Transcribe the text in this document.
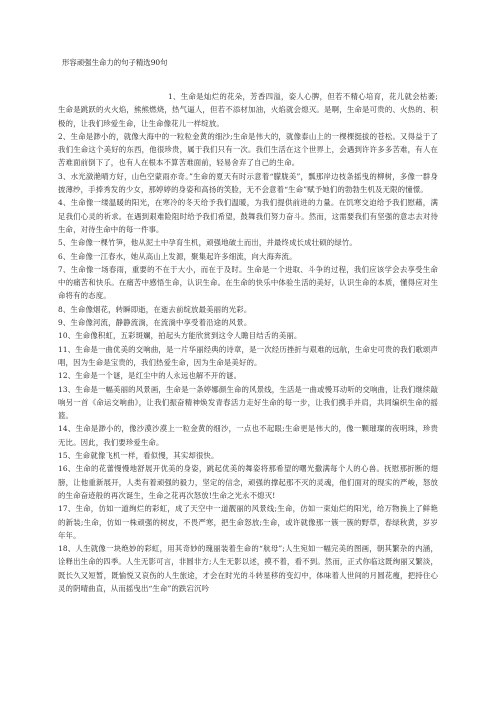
形容顽强生命力的句子精选90句

1、生命是灿烂的花朵，芳香四溢，姿人心脾，但若不精心培育，花儿就会枯萎;生命是跳跃的火火焰，熊熊燃烧，热气逼人，但若不添材加油，火焰就会熄灭。是啊，生命是可贵的、火热的、积极的，让我们珍爱生命，让生命像花儿一样绽放。

2、生命是渺小的，就像大海中的一粒粒金黄的细沙;生命是伟大的，就像泰山上的一棵棵挺拔的苍松。又得益于了我们生命这个美好的东西，他很珍贵，属于我们只有一次。我们生活在这个世界上，会遇到许许多多苦难，有人在苦难面前倒下了，也有人在根本不算苦难面前，轻易舍弃了自己的生命。

3、水光潋滟晴方好，山色空蒙雨亦奇。”生命的夏天有时示意着“朦胧美”，瓢那岸边枝条摇曳的柳树，多像一群身披薄纱，手捧秀发的少女，那婷婷的身姿和高扬的笑脸，无不会意着“生命”赋予她们的勃勃生机及无限的憧憬。

4、生命像一缕温暖的阳光，在寒冷的冬天给予我们温暖，为我们提供前进的力量。在饥寒交迫给予我们慰藉，满足我们心灵的祈求。在遇到艰难险阻时给予我们希望，鼓舞我们努力奋斗。然而，这需要我们有坚强的意志去对待生命，对待生命中的每一件事。

5、生命像一棵竹笋，他从泥土中孕育生机，顽强地破土而出，并最终成长成壮硕的绿竹。

6、生命像一江春水，她从高山上发源，聚集起许多细流，向大海奔流。

7、生命像一场春雨，重要的不在于大小，而在于及时。生命是一个进取、斗争的过程，我们应该学会去享受生命中的痛苦和快乐。在痛苦中感悟生命，认识生命。在生命的快乐中体验生活的美好，认识生命的本质，懂得应对生命将有的态度。

8、生命像烟花，转瞬即逝，在逝去前绽放最美丽的光彩。

9、生命像河流，静静流淌，在流淌中享受着沿途的风景。

10、生命像积虹，五彩斑斓，拍起头方能欣赏到这令人瞻目结舌的美丽。

11、生命是一曲优美的交响曲，是一片华丽经典的诗章，是一次经历挫折与艰难的远航，生命史可贵的我们歌颂声唱，因为生命是宝贵的，我们热爱生命，因为生命是美好的。

12、生命是一个谜，是红尘中的人永远也解不开的谜。

13、生命是一幅美丽的风景画，生命是一条婷娜颜生命的风景线，生活是一曲或慢耳动听的交响曲，让我们继续敲响另一首《命运交响曲》，让我们振奋精神焕发青春活力走好生命的每一步，让我们携手并肩，共同编织生命的摇篮。

14、生命是渺小的，像沙漠沙漠上一粒金黄的细沙，一点也不起眼;生命更是伟大的，像一颗璀璨的夜明珠，珍贵无比。因此，我们要珍爱生命。

15、生命就像飞机一样，看似慢，其实却很快。

16、生命的花蕾慢慢地舒展开优美的身姿，跳起优美的舞姿将那希望的曙光撒满每个人的心兽。抚慰那折断的翅膀，让他重新展开，人类有着顽强的毅力，坚定的信念，顽强的撑起那不灭的灵魂，他们面对的现实的严峻，怒放的生命奋迹般的再次诞生，生命之花再次怒放!生命之光永不熄灭!

17、生命，仿如一道绚烂的彩虹，成了天空中一道靓丽的风景线;生命，仿如一束灿烂的阳光，给万物换上了鲜艳的新装;生命，仿如一株顽强的树皮，不畏严寒，把生命怒放;生命，或许就像那一簇一簇的野草，春绿秋黄，岁岁年年。

18、人生就像一块绝妙的彩虹，用其奇妙的瑰丽装着生命的“航母”;人生宛如一幅完美的图画，朝其繁杂的内涵，诠释出生命的四季。人生无影可言，非圆非方;人生无影以述，摸不着，看不到。然而，正式你临这既绚丽又繁淡，既长久又短暂，既愉悦又哀伤的人生旅途，才会在时光的斗转星移的变幻中，体味着人世间的月圆花瘦，把持住心灵的阴晴曲直，从而摇曳出“生命”的跌宕沉吟
